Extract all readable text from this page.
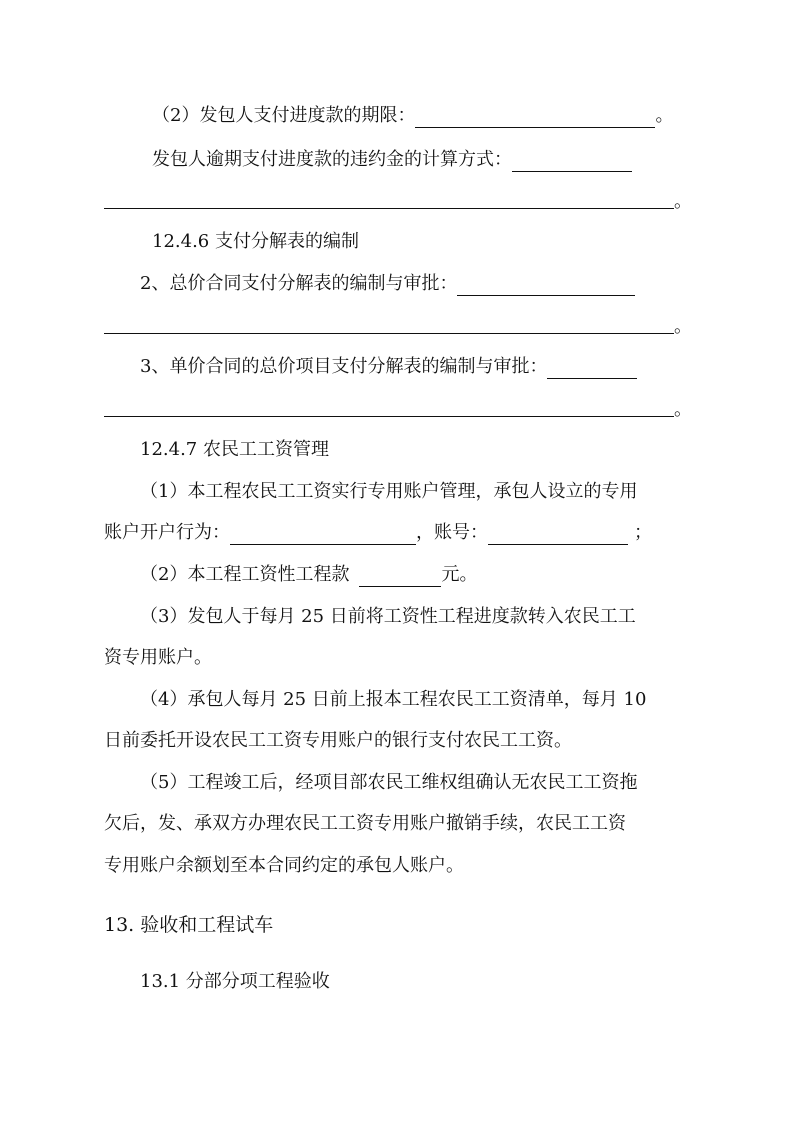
（2）发包人支付进度款的期限：	。
发包人逾期支付进度款的违约金的计算方式：
。
12.4.6 支付分解表的编制
2、总价合同支付分解表的编制与审批：
。
3、单价合同的总价项目支付分解表的编制与审批：
。
12.4.7 农民工工资管理
（1）本工程农民工工资实行专用账户管理，承包人设立的专用
账户开户行为：	，账号：	；
（2）本工程工资性工程款	元。
（3）发包人于每月 25 日前将工资性工程进度款转入农民工工
资专用账户。
（4）承包人每月 25 日前上报本工程农民工工资清单，每月 10
日前委托开设农民工工资专用账户的银行支付农民工工资。
（5）工程竣工后，经项目部农民工维权组确认无农民工工资拖
欠后，发、承双方办理农民工工资专用账户撤销手续，农民工工资
专用账户余额划至本合同约定的承包人账户。
13. 验收和工程试车
13.1 分部分项工程验收
